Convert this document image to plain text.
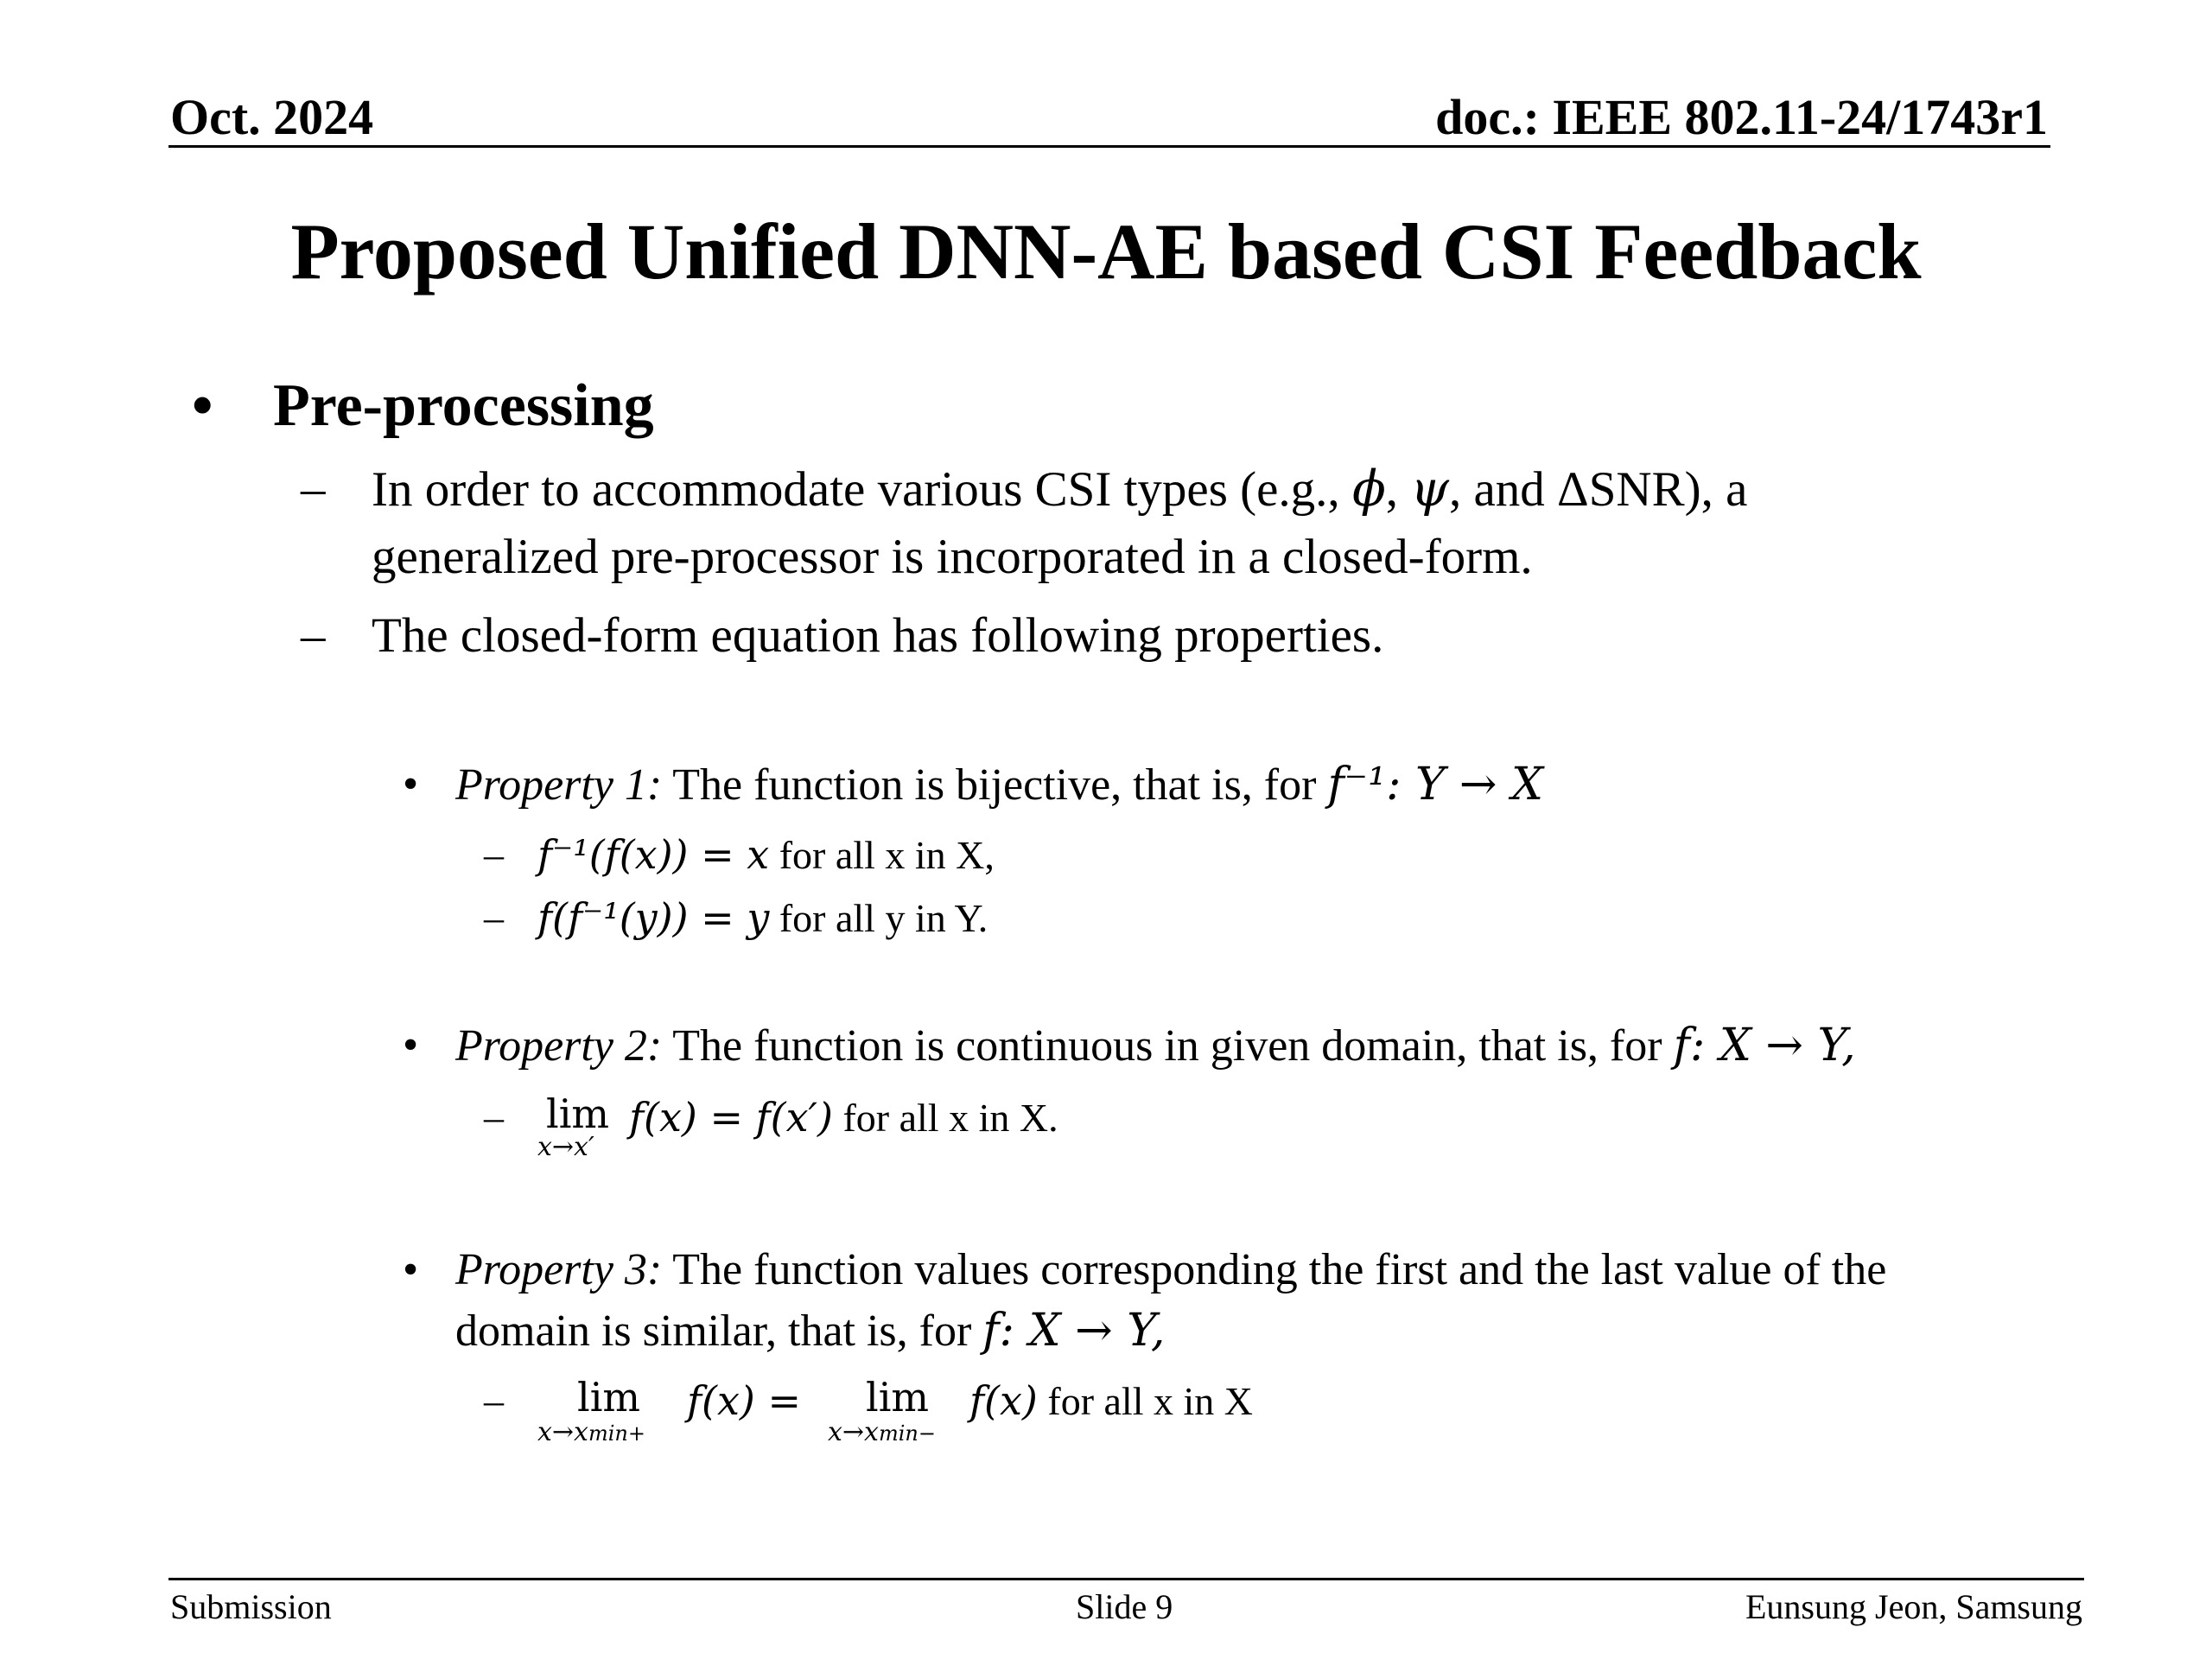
Oct. 2024	doc.: IEEE 802.11-24/1743r1
Proposed Unified DNN-AE based CSI Feedback
• Pre-processing
– In order to accommodate various CSI types (e.g., ϕ, ψ, and ΔSNR), a
generalized pre-processor is incorporated in a closed-form.
– The closed-form equation has following properties.
• Property 1: The function is bijective, that is, for f⁻¹: Y → X
– f⁻¹(f(x)) = x for all x in X,
– f(f⁻¹(y)) = y for all y in Y.
• Property 2: The function is continuous in given domain, that is, for f: X → Y,
– lim
x→x′
f(x) = f(x′) for all x in X.
• Property 3: The function values corresponding the first and the last value of the
domain is similar, that is, for f: X → Y,
– lim
x→xmin+
f(x) = lim
x→xmin−
f(x) for all x in X
Submission	Slide 9	Eunsung Jeon, Samsung
